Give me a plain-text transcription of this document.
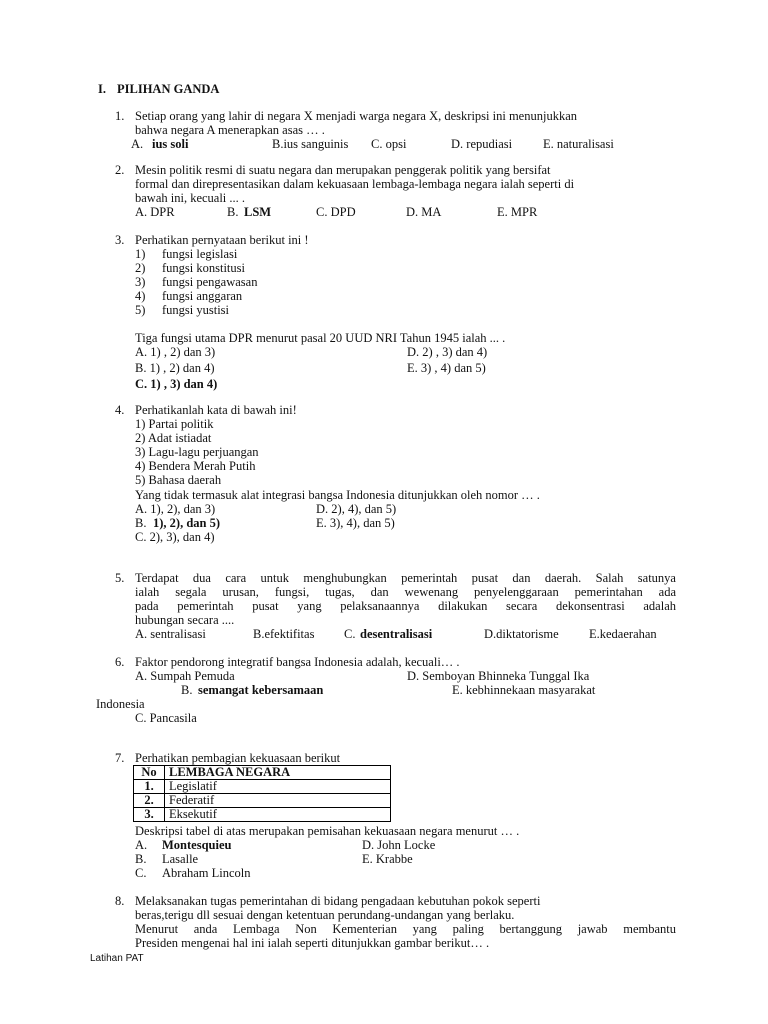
I. PILIHAN GANDA
1. Setiap orang yang lahir di negara X menjadi warga negara X, deskripsi ini menunjukkan
bahwa negara A menerapkan asas … .
A. ius soli	B.ius sanguinis C. opsi	D. repudiasi E. naturalisasi
2. Mesin politik resmi di suatu negara dan merupakan penggerak politik yang bersifat
formal dan direpresentasikan dalam kekuasaan lembaga-lembaga negara ialah seperti di
bawah ini, kecuali ... .
A. DPR	B. LSM	C. DPD	D. MA	E. MPR
3. Perhatikan pernyataan berikut ini !
1) fungsi legislasi
2) fungsi konstitusi
3) fungsi pengawasan
4) fungsi anggaran
5) fungsi yustisi
Tiga fungsi utama DPR menurut pasal 20 UUD NRI Tahun 1945 ialah ... .
A. 1) , 2) dan 3)	D. 2) , 3) dan 4)
B. 1) , 2) dan 4)	E. 3) , 4) dan 5)
C. 1) , 3) dan 4)
4. Perhatikanlah kata di bawah ini!
1) Partai politik
2) Adat istiadat
3) Lagu-lagu perjuangan
4) Bendera Merah Putih
5) Bahasa daerah
Yang tidak termasuk alat integrasi bangsa Indonesia ditunjukkan oleh nomor … .
A. 1), 2), dan 3)	D. 2), 4), dan 5)
B. 1), 2), dan 5)	E. 3), 4), dan 5)
C. 2), 3), dan 4)
5. Terdapat dua cara untuk menghubungkan pemerintah pusat dan daerah. Salah satunya
ialah segala urusan, fungsi, tugas, dan wewenang penyelenggaraan pemerintahan ada
pada pemerintah pusat yang pelaksanaannya dilakukan secara dekonsentrasi adalah
hubungan secara ....
A. sentralisasi	B.efektifitas C. desentralisasi	D.diktatorisme E.kedaerahan
6. Faktor pendorong integratif bangsa Indonesia adalah, kecuali… .
A. Sumpah Pemuda	D. Semboyan Bhinneka Tunggal Ika
B. semangat kebersamaan	E. kebhinnekaan masyarakat
Indonesia
C. Pancasila
7. Perhatikan pembagian kekuasaan berikut
No	LEMBAGA NEGARA
1.	Legislatif
2.	Federatif
3.	Eksekutif
Deskripsi tabel di atas merupakan pemisahan kekuasaan negara menurut … .
A. Montesquieu	D. John Locke
B. Lasalle	E. Krabbe
C. Abraham Lincoln
8. Melaksanakan tugas pemerintahan di bidang pengadaan kebutuhan pokok seperti
beras,terigu dll sesuai dengan ketentuan perundang-undangan yang berlaku.
Menurut anda Lembaga Non Kementerian yang paling bertanggung jawab membantu
Presiden mengenai hal ini ialah seperti ditunjukkan gambar berikut… .
Latihan PAT
